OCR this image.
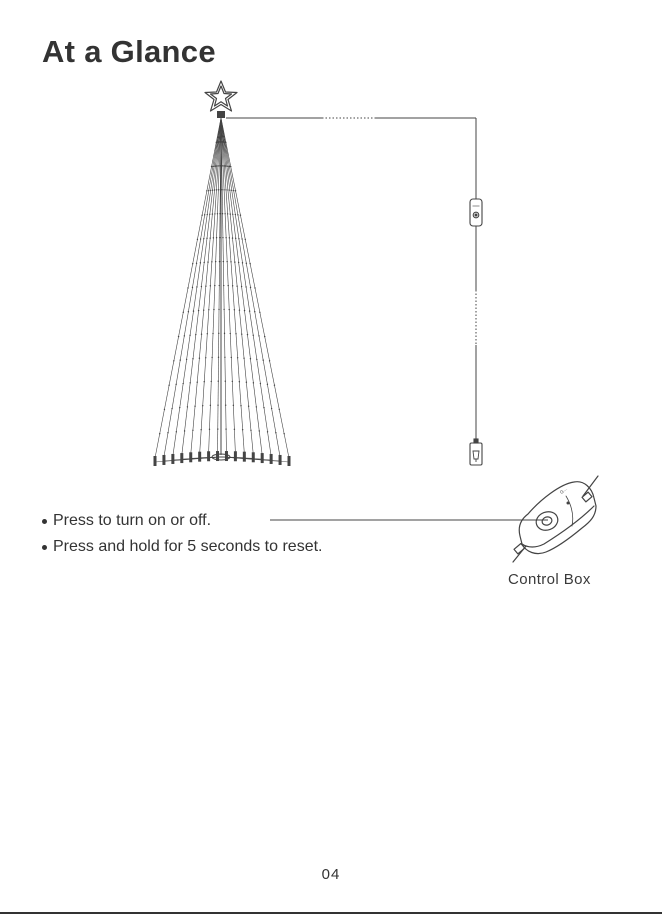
At a Glance
G···
Press to turn on or off.
Press and hold for 5 seconds to reset.
Control Box
04
